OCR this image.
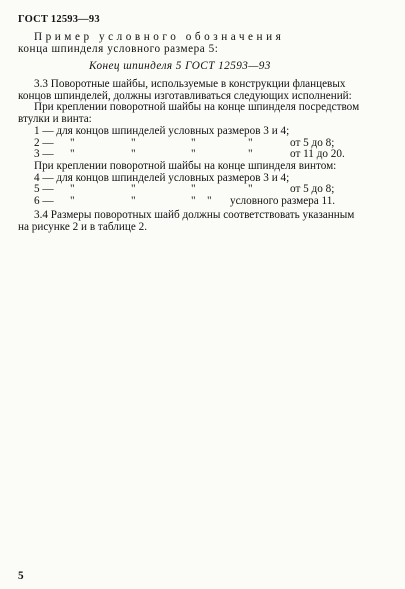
ГОСТ 12593—93
Пример условного обозначения
конца шпинделя условного размера 5:
Конец шпинделя 5 ГОСТ 12593—93
3.3 Поворотные шайбы, используемые в конструкции фланцевых
концов шпинделей, должны изготавливаться следующих исполнений:
При креплении поворотной шайбы на конце шпинделя посредством
втулки и винта:
1 — для концов шпинделей условных размеров 3 и 4;
2 — "	"	"	"	от 5 до 8;
3 — "	"	"	"	от 11 до 20.
При креплении поворотной шайбы на конце шпинделя винтом:
4 — для концов шпинделей условных размеров 3 и 4;
5 — "	"	"	"	от 5 до 8;
6 — "	"	" " условного размера 11.
3.4 Размеры поворотных шайб должны соответствовать указанным
на рисунке 2 и в таблице 2.
5
